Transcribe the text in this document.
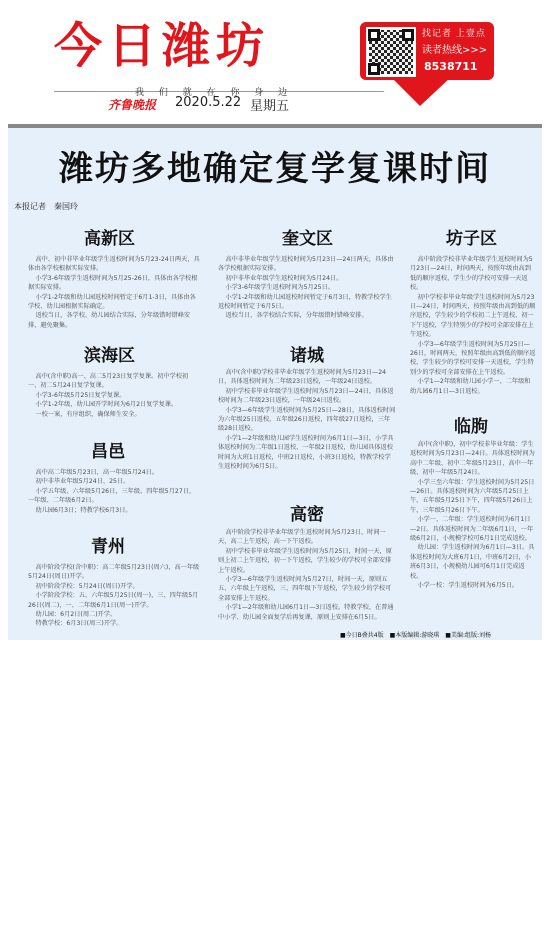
今日潍坊
我 们 就 在 你 身 边
齐鲁晚报 2020.5.22 星期五
找记者 上壹点
读者热线>>>
8538711
潍坊多地确定复学复课时间
本报记者　秦国玲
高新区

高中、初中非毕业年级学生返校时间为5月23-24日两天，具体由各学校根据实际安排。

小学3-6年级学生返校时间为5月25-26日，具体由各学校根据实际安排。

小学1-2年级和幼儿园返校时间暂定于6月1-3日，具体由各学校、幼儿园根据实际确定。

返校当日，各学校、幼儿园结合实际，分年级错时错峰安排，避免聚集。

滨海区

高中(含中职)高一、高二5月23日复学复课。初中学校初一、初二5月24日复学复课。

小学3-6年级5月25日复学复课。

小学1-2年级，幼儿园开学时间为6月2日复学复课。

一校一案，有序组织，确保师生安全。

昌邑

高中高二年级5月23日，高一年级5月24日。

初中非毕业年级5月24日、25日。

小学五年级、六年级5月26日，三年级、四年级5月27日，一年级、二年级6月2日。

幼儿园6月3日；特教学校6月3日。

青州

高中阶段学校(含中职)：高二年级5月23日(周六)，高一年级5月24日(周日)开学。

初中阶段学校：5月24日(周日)开学。

小学阶段学校：五、六年级5月25日(周一)，三、四年级5月26日(周二)，一、二年级6月1日(周一)开学。

幼儿园：6月2日(周二)开学。

特教学校：6月3日(周三)开学。

奎文区

高中非毕业年级学生返校时间为5月23日—24日两天，具体由各学校根据实际安排。

初中非毕业年级学生返校时间为5月24日。

小学3-6年级学生返校时间为5月25日。

小学1-2年级和幼儿园返校时间暂定于6月3日，特教学校学生返校时间暂定于6月5日。

返校当日，各学校结合实际，分年级错时错峰安排。

诸城

高中(含中职)学校非毕业年级学生返校时间为5月23日—24日，具体返校时间为二年级23日返校，一年级24日返校。

初中学校非毕业年级学生返校时间为5月23日—24日，具体返校时间为二年级23日返校，一年级24日返校。

小学3—6年级学生返校时间为5月25日—28日，具体返校时间为六年级25日返校，五年级26日返校，四年级27日返校，三年级28日返校。

小学1—2年级和幼儿园学生返校时间为6月1日—3日，小学具体返校时间为二年级1日返校、一年级2日返校，幼儿园具体返校时间为大班1日返校，中班2日返校，小班3日返校，特教学校学生返校时间为6月5日。

高密

高中阶段学校非毕业年级学生返校时间为5月23日，时间一天，高二上午返校，高一下午返校。

初中学校非毕业年级学生返校时间为5月25日，时间一天，原则上初二上午返校，初一下午返校，学生较少的学校可全部安排上午返校。

小学3—6年级学生返校时间为5月27日，时间一天，原则五五、六年级上午返校，三、四年级下午返校，学生较少的学校可全部安排上午返校。

小学1—2年级和幼儿园6月1日—3日返校。特教学校，在普通中小学、幼儿园全面复学后再复课，原则上安排在6月5日。

坊子区

高中阶段学校非毕业年级学生返校时间为5月23日—24日，时间两天，按照年级由高到低的顺序返校，学生少的学校可安排一天返校。

初中学校非毕业年级学生返校时间为5月23日—24日，时间两天，按照年级由高到低的顺序返校，学生较少的学校初二上午返校，初一下午返校，学生特别少的学校可全部安排在上午返校。

小学3—6年级学生返校时间为5月25日—26日，时间两天，按照年级由高到低的顺序返校，学生较少的学校可安排一天返校，学生特别少的学校可全部安排在上午返校。

小学1—2年级和幼儿园小学一、二年级和幼儿园6月1日—3日返校。

临朐

高中(含中职)，初中学校非毕业年级：学生返校时间为5月23日—24日。具体返校时间为高中二年级、初中二年级5月23日，高中一年级、初中一年级5月24日。

小学三至六年级：学生返校时间为5月25日—26日。具体返校时间为六年级5月25日上午，五年级5月25日下午，四年级5月26日上午，三年级5月26日下午。

小学一、二年级：学生返校时间为6月1日—2日。具体返校时间为二年级6月1日，一年级6月2日，小规模学校可6月1日完成返校。

幼儿园：学生返校时间为6月1日—3日。具体返校时间为大班6月1日，中班6月2日，小班6月3日，小规模幼儿园可6月1日完成返校。

小学一校：学生返校时间为6月5日。

■今日B叠共4版　■本版编辑:游晓琪　■美编:组版:刘杨
